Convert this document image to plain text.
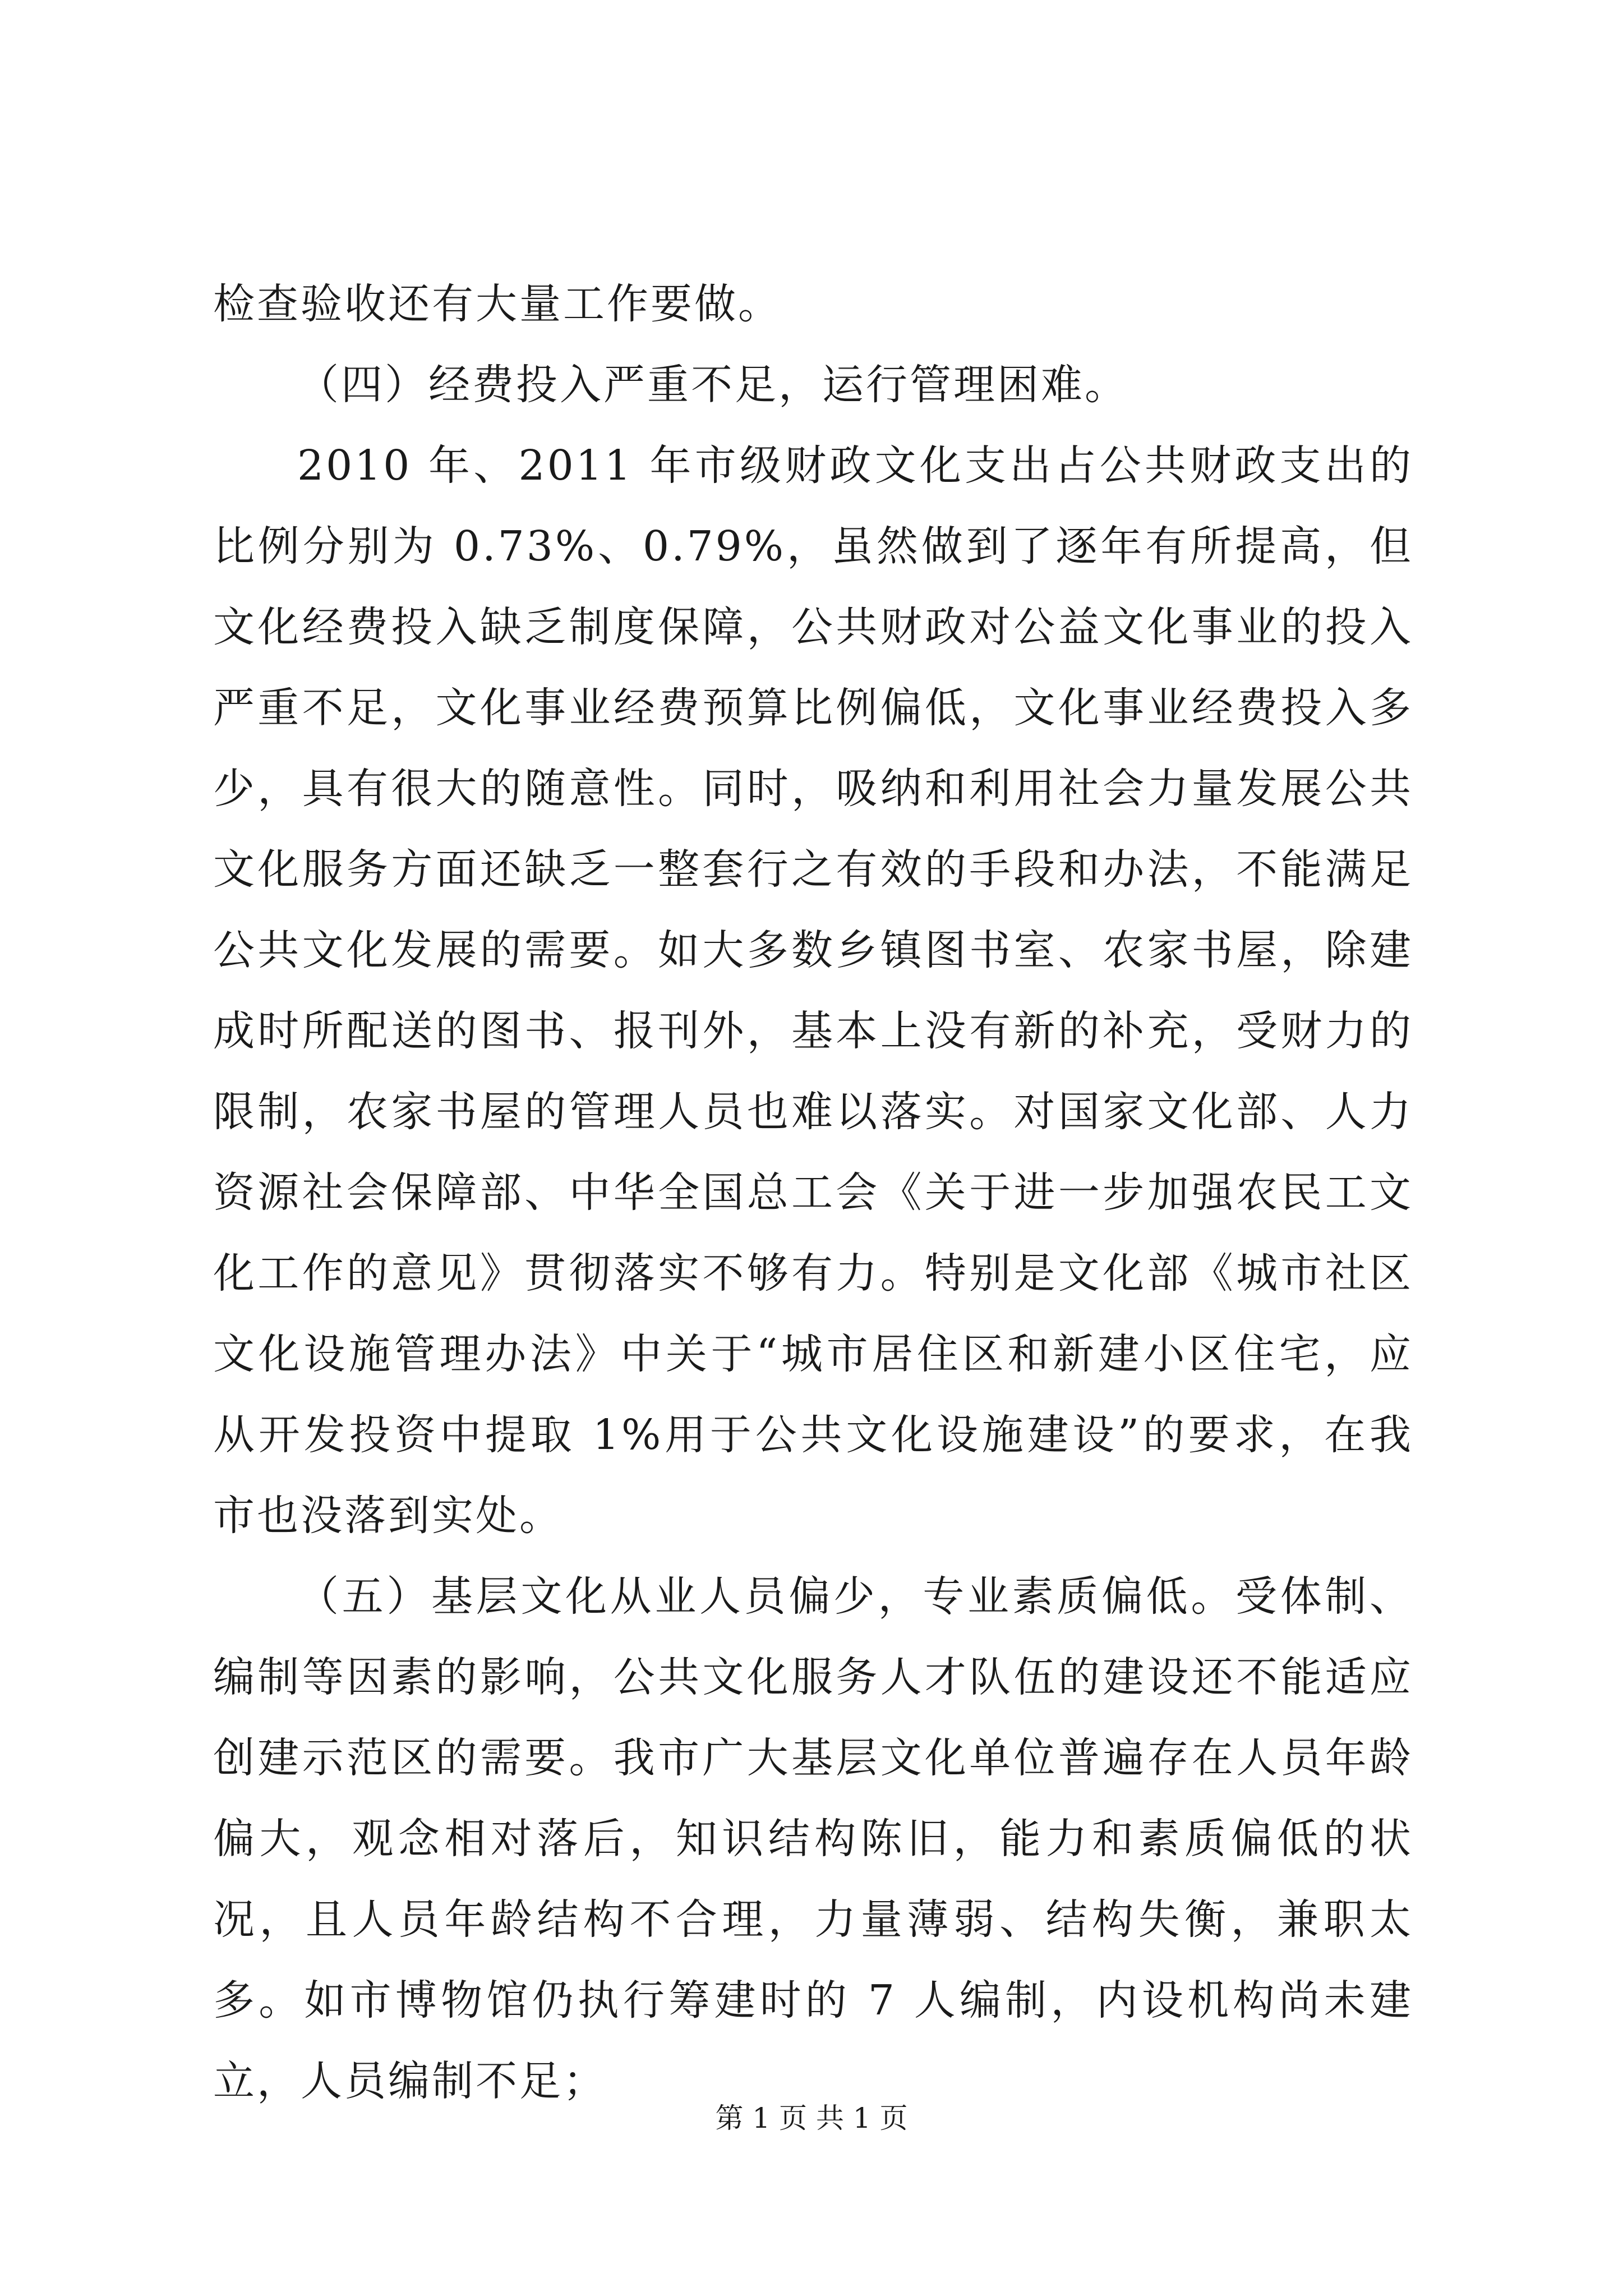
检查验收还有大量工作要做。

（四）经费投入严重不足，运行管理困难。

2010 年、2011 年市级财政文化支出占公共财政支出的比例分别为 0.73%、0.79%，虽然做到了逐年有所提高，但文化经费投入缺乏制度保障，公共财政对公益文化事业的投入严重不足，文化事业经费预算比例偏低，文化事业经费投入多少，具有很大的随意性。同时，吸纳和利用社会力量发展公共文化服务方面还缺乏一整套行之有效的手段和办法，不能满足公共文化发展的需要。如大多数乡镇图书室、农家书屋，除建成时所配送的图书、报刊外，基本上没有新的补充，受财力的限制，农家书屋的管理人员也难以落实。对国家文化部、人力资源社会保障部、中华全国总工会《关于进一步加强农民工文化工作的意见》贯彻落实不够有力。特别是文化部《城市社区文化设施管理办法》中关于“城市居住区和新建小区住宅，应从开发投资中提取 1%用于公共文化设施建设”的要求，在我市也没落到实处。

（五）基层文化从业人员偏少，专业素质偏低。受体制、编制等因素的影响，公共文化服务人才队伍的建设还不能适应创建示范区的需要。我市广大基层文化单位普遍存在人员年龄偏大，观念相对落后，知识结构陈旧，能力和素质偏低的状况，且人员年龄结构不合理，力量薄弱、结构失衡，兼职太多。如市博物馆仍执行筹建时的 7 人编制，内设机构尚未建立，人员编制不足；

第 1 页 共 1 页
